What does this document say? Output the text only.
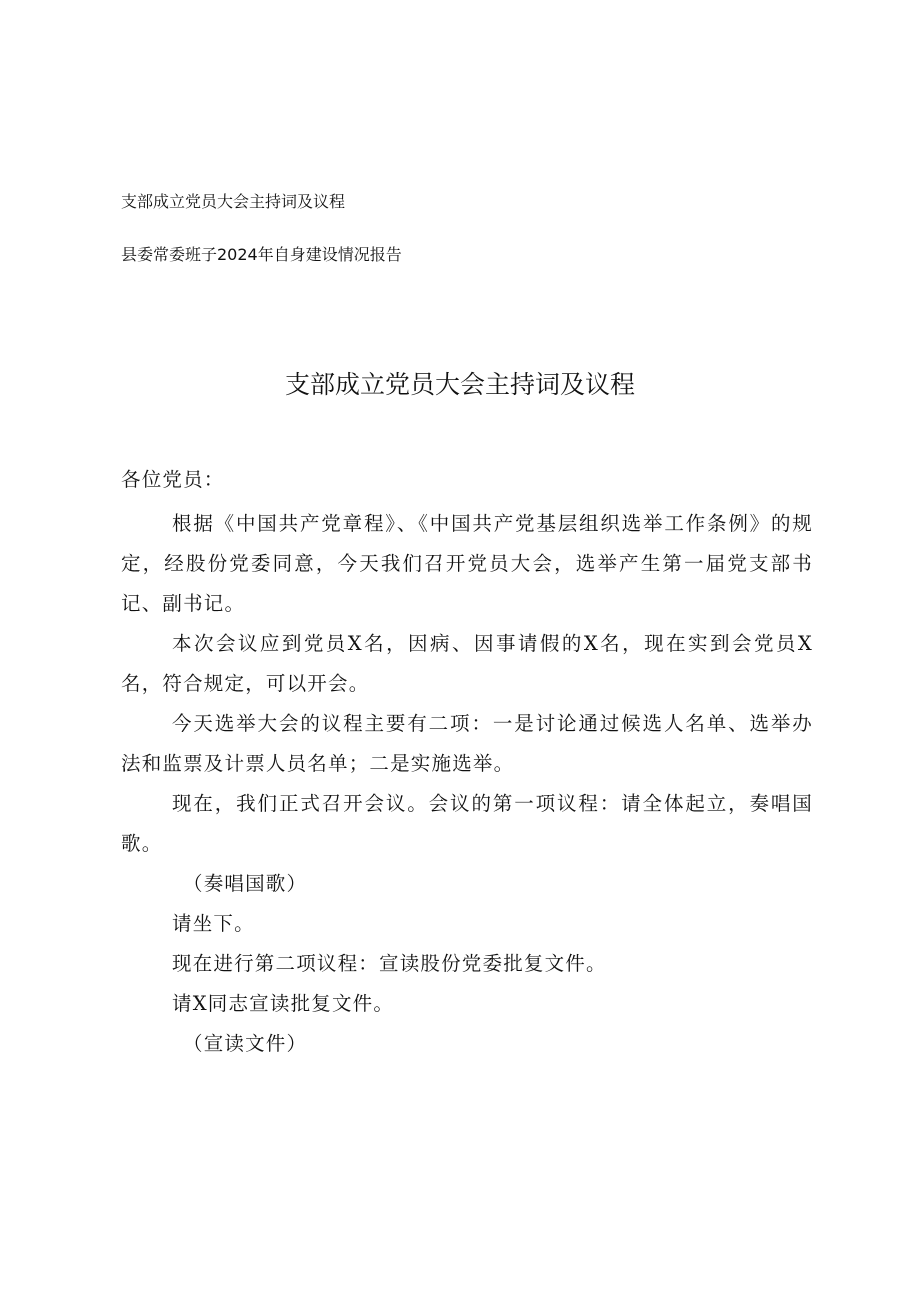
支部成立党员大会主持词及议程
县委常委班子2024年自身建设情况报告
支部成立党员大会主持词及议程

各位党员：

根据《中国共产党章程》、《中国共产党基层组织选举工作条例》的规定，经股份党委同意，今天我们召开党员大会，选举产生第一届党支部书记、副书记。

本次会议应到党员X名，因病、因事请假的X名，现在实到会党员X名，符合规定，可以开会。

今天选举大会的议程主要有二项：一是讨论通过候选人名单、选举办法和监票及计票人员名单；二是实施选举。

现在，我们正式召开会议。会议的第一项议程：请全体起立，奏唱国歌。

（奏唱国歌）

请坐下。

现在进行第二项议程：宣读股份党委批复文件。

请X同志宣读批复文件。

（宣读文件）
